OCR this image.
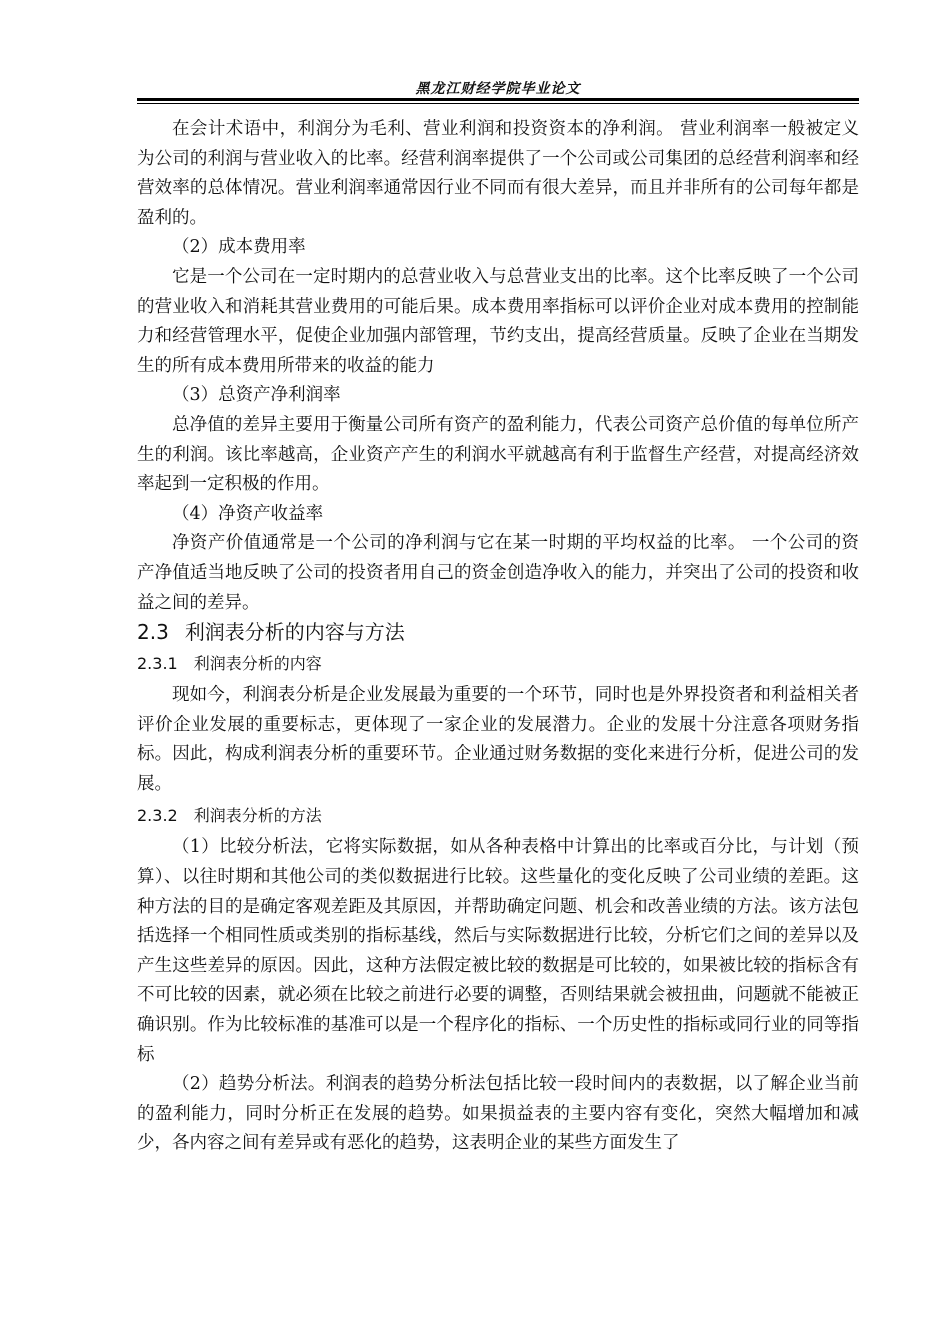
黑龙江财经学院毕业论文

在会计术语中，利润分为毛利、营业利润和投资资本的净利润。 营业利润率一般被定义为公司的利润与营业收入的比率。经营利润率提供了一个公司或公司集团的总经营利润率和经营效率的总体情况。营业利润率通常因行业不同而有很大差异，而且并非所有的公司每年都是盈利的。

（2）成本费用率

它是一个公司在一定时期内的总营业收入与总营业支出的比率。这个比率反映了一个公司的营业收入和消耗其营业费用的可能后果。成本费用率指标可以评价企业对成本费用的控制能力和经营管理水平，促使企业加强内部管理，节约支出，提高经营质量。反映了企业在当期发生的所有成本费用所带来的收益的能力

（3）总资产净利润率

总净值的差异主要用于衡量公司所有资产的盈利能力，代表公司资产总价值的每单位所产生的利润。该比率越高，企业资产产生的利润水平就越高有利于监督生产经营，对提高经济效率起到一定积极的作用。

（4）净资产收益率

净资产价值通常是一个公司的净利润与它在某一时期的平均权益的比率。 一个公司的资产净值适当地反映了公司的投资者用自己的资金创造净收入的能力，并突出了公司的投资和收益之间的差异。

2.3 利润表分析的内容与方法
2.3.1 利润表分析的内容

现如今，利润表分析是企业发展最为重要的一个环节，同时也是外界投资者和利益相关者评价企业发展的重要标志，更体现了一家企业的发展潜力。企业的发展十分注意各项财务指标。因此，构成利润表分析的重要环节。企业通过财务数据的变化来进行分析，促进公司的发展。

2.3.2 利润表分析的方法

（1）比较分析法，它将实际数据，如从各种表格中计算出的比率或百分比，与计划（预算）、以往时期和其他公司的类似数据进行比较。这些量化的变化反映了公司业绩的差距。这种方法的目的是确定客观差距及其原因，并帮助确定问题、机会和改善业绩的方法。该方法包括选择一个相同性质或类别的指标基线，然后与实际数据进行比较，分析它们之间的差异以及产生这些差异的原因。因此，这种方法假定被比较的数据是可比较的，如果被比较的指标含有不可比较的因素，就必须在比较之前进行必要的调整，否则结果就会被扭曲，问题就不能被正确识别。作为比较标准的基准可以是一个程序化的指标、一个历史性的指标或同行业的同等指标

（2）趋势分析法。利润表的趋势分析法包括比较一段时间内的表数据，以了解企业当前的盈利能力，同时分析正在发展的趋势。如果损益表的主要内容有变化，突然大幅增加和减少，各内容之间有差异或有恶化的趋势，这表明企业的某些方面发生了
